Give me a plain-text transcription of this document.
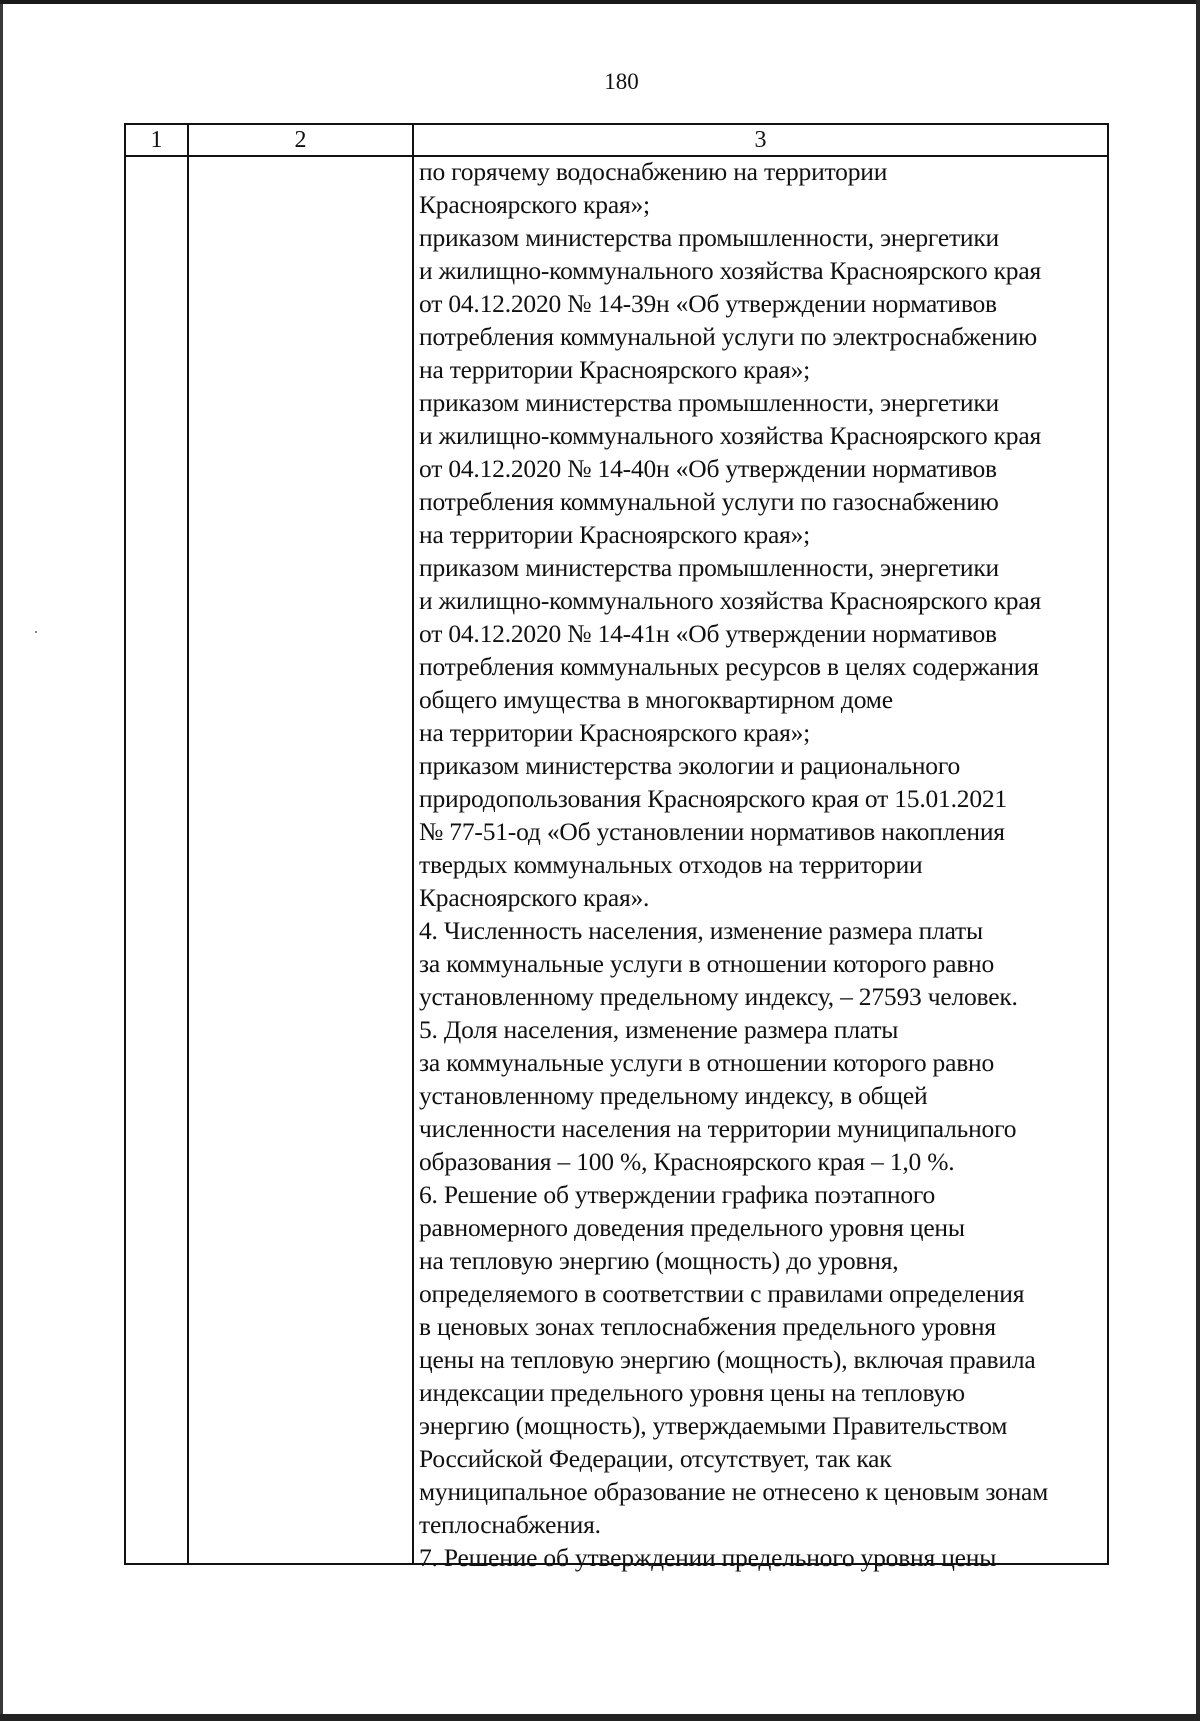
180
1	2	3
по горячему водоснабжению на территории
Красноярского края»;
приказом министерства промышленности, энергетики
и жилищно-коммунального хозяйства Красноярского края
от 04.12.2020 № 14-39н «Об утверждении нормативов
потребления коммунальной услуги по электроснабжению
на территории Красноярского края»;
приказом министерства промышленности, энергетики
и жилищно-коммунального хозяйства Красноярского края
от 04.12.2020 № 14-40н «Об утверждении нормативов
потребления коммунальной услуги по газоснабжению
на территории Красноярского края»;
приказом министерства промышленности, энергетики
и жилищно-коммунального хозяйства Красноярского края
от 04.12.2020 № 14-41н «Об утверждении нормативов
потребления коммунальных ресурсов в целях содержания
общего имущества в многоквартирном доме
на территории Красноярского края»;
приказом министерства экологии и рационального
природопользования Красноярского края от 15.01.2021
№ 77-51-од «Об установлении нормативов накопления
твердых коммунальных отходов на территории
Красноярского края».
4. Численность населения, изменение размера платы
за коммунальные услуги в отношении которого равно
установленному предельному индексу, – 27593 человек.
5. Доля населения, изменение размера платы
за коммунальные услуги в отношении которого равно
установленному предельному индексу, в общей
численности населения на территории муниципального
образования – 100 %, Красноярского края – 1,0 %.
6. Решение об утверждении графика поэтапного
равномерного доведения предельного уровня цены
на тепловую энергию (мощность) до уровня,
определяемого в соответствии с правилами определения
в ценовых зонах теплоснабжения предельного уровня
цены на тепловую энергию (мощность), включая правила
индексации предельного уровня цены на тепловую
энергию (мощность), утверждаемыми Правительством
Российской Федерации, отсутствует, так как
муниципальное образование не отнесено к ценовым зонам
теплоснабжения.
7. Решение об утверждении предельного уровня цены
